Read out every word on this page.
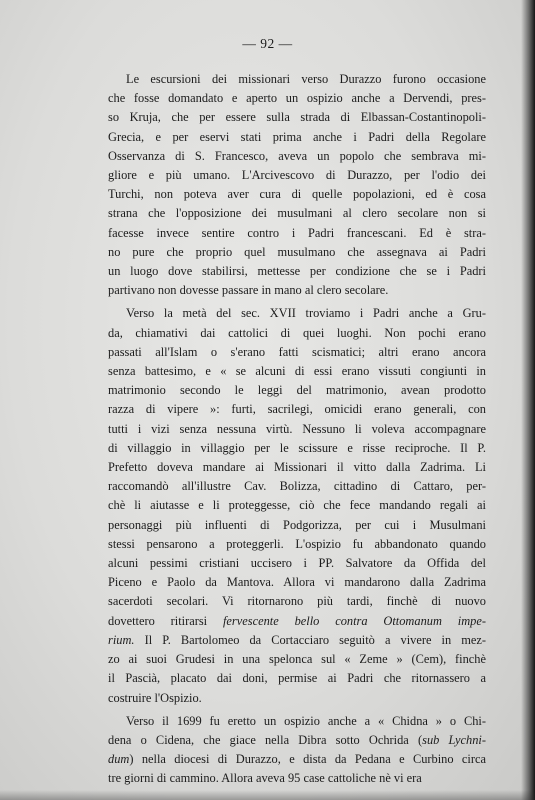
— 92 —

Le escursioni dei missionari verso Durazzo furono occasione
che fosse domandato e aperto un ospizio anche a Dervendi, pres-
so Kruja, che per essere sulla strada di Elbassan-Costantinopoli-
Grecia, e per eservi stati prima anche i Padri della Regolare
Osservanza di S. Francesco, aveva un popolo che sembrava mi-
gliore e più umano. L'Arcivescovo di Durazzo, per l'odio dei
Turchi, non poteva aver cura di quelle popolazioni, ed è cosa
strana che l'opposizione dei musulmani al clero secolare non si
facesse invece sentire contro i Padri francescani. Ed è stra-
no pure che proprio quel musulmano che assegnava ai Padri
un luogo dove stabilirsi, mettesse per condizione che se i Padri
partivano non dovesse passare in mano al clero secolare.

Verso la metà del sec. XVII troviamo i Padri anche a Gru-
da, chiamativi dai cattolici di quei luoghi. Non pochi erano
passati all'Islam o s'erano fatti scismatici; altri erano ancora
senza battesimo, e « se alcuni di essi erano vissuti congiunti in
matrimonio secondo le leggi del matrimonio, avean prodotto
razza di vipere »: furti, sacrilegi, omicidi erano generali, con
tutti i vizi senza nessuna virtù. Nessuno li voleva accompagnare
di villaggio in villaggio per le scissure e risse reciproche. Il P.
Prefetto doveva mandare ai Missionari il vitto dalla Zadrima. Li
raccomandò all'illustre Cav. Bolizza, cittadino di Cattaro, per-
chè li aiutasse e li proteggesse, ciò che fece mandando regali ai
personaggi più influenti di Podgorizza, per cui i Musulmani
stessi pensarono a proteggerli. L'ospizio fu abbandonato quando
alcuni pessimi cristiani uccisero i PP. Salvatore da Offida del
Piceno e Paolo da Mantova. Allora vi mandarono dalla Zadrima
sacerdoti secolari. Vi ritornarono più tardi, finchè di nuovo
dovettero ritirarsi fervescente bello contra Ottomanum impe-
rium. Il P. Bartolomeo da Cortacciaro seguitò a vivere in mez-
zo ai suoi Grudesi in una spelonca sul « Zeme » (Cem), finchè
il Pascià, placato dai doni, permise ai Padri che ritornassero a
costruire l'Ospizio.

Verso il 1699 fu eretto un ospizio anche a « Chidna » o Chi-
dena o Cidena, che giace nella Dibra sotto Ochrida (sub Lychni-
dum) nella diocesi di Durazzo, e dista da Pedana e Curbino circa
tre giorni di cammino. Allora aveva 95 case cattoliche nè vi era
